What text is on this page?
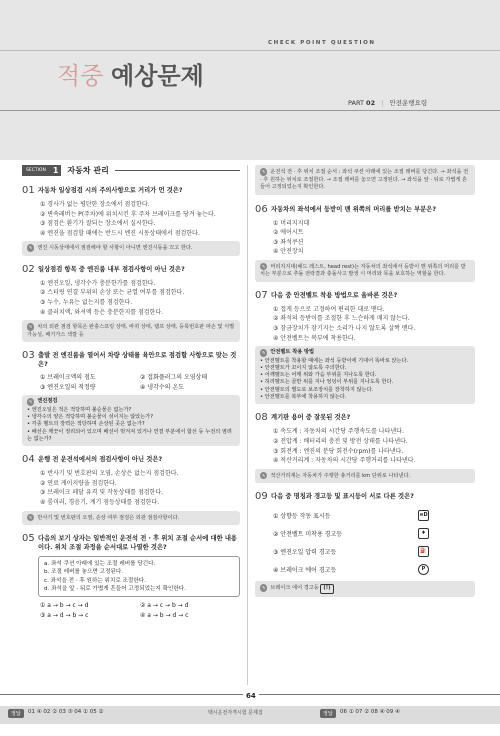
CHECK POINT QUESTION
적중 예상문제
PART 02 | 안전운행요령
SECTION 1	자동차 관리
01 자동차 일상점검 시의 주의사항으로 거리가 먼 것은?
① 경사가 없는 평탄한 장소에서 점검한다.
② 변속레버는 P(주차)에 위치시킨 후 주차 브레이크를 당겨 놓는다.
③ 점검은 환기가 잘되는 장소에서 실시한다.
④ 엔진을 점검할 때에는 반드시 엔진 시동상태에서 점검한다.
✎ 엔진 시동상태에서 점검해야 할 사항이 아니면 엔진시동을 끄고 한다.
02 일상점검 항목 중 엔진룸 내부 점검사항이 아닌 것은?
① 엔진오일, 냉각수가 충분한가를 점검한다.
② 스티링 연결 부위의 손상 또는 균열 여부를 점검한다.
③ 누수, 누유는 없는지를 점검한다.
④ 클러치액, 와셔액 등은 충분한지를 점검한다.
✎ 차의 외관 점검 항목은 완충스프링 상태, 바퀴 상태, 램프 상태, 등록번호판 파손 및 식별 가능성, 배기가스 색깔 등
03 출발 전 엔진룸을 열어서 차량 상태를 육안으로 점검할 사항으로 맞는 것은?
① 브레이크액의 점도	② 접화플러그의 오염상태
③ 엔진오일의 적정량	④ 냉각수의 온도
✎ 엔진점검
• 엔진오일은 적은 적당하며 불순물은 없는가?
• 냉각수의 양은 적당하며 불순물이 섞이지는 않았는가?
• 각종 벨트의 장력은 적당하며 손상된 곳은 없는가?
• 배선은 깨끗이 정리되어 있으며 배선이 벗겨져 있거나 연결 부분에서 합선 등 누전의 염려는 없는가?
04 운행 전 운전석에서의 점검사항이 아닌 것은?
① 반사기 및 번호판의 오염, 손상은 없는지 점검한다.
② 연료 게이지량을 점검한다.
③ 브레이크 페달 유격 및 작동상태를 점검한다.
④ 룸미러, 경음기, 계기 점등상태를 점검한다.
✎ 반사기 및 번호판의 오염, 손상 여부 점검은 외관 점검사항이다.
05 다음의 보기 상자는 일반적인 운전석 전 · 후 위치 조절 순서에 대한 내용이다. 위치 조절 과정을 순서대로 나열한 것은?
a. 좌석 쿠션 아래에 있는 조절 레버를 당긴다.
b. 조절 레버를 놓으면 고정된다.
c. 좌석을 전 · 후 원하는 위치로 조절한다.
d. 좌석을 앞 · 뒤로 가볍게 흔들어 고정되었는지 확인한다.
① a → b → c → d	② a → c → b → d
③ a → d → b → c	④ a → b → d → c
✎ 운전석 전 · 후 위치 조절 순서 : 좌석 쿠션 아래에 있는 조절 레버를 당긴다. → 좌석을 전 · 후 원하는 위치로 조절한다. → 조절 레버를 놓으면 고정된다. → 좌석을 앞 · 뒤로 가볍게 흔들어 고정되었는지 확인한다.
06 자동차의 좌석에서 등받이 맨 위쪽의 머리를 받치는 부분은?
① 머리지지대
② 에어시트
③ 좌석쿠션
④ 안전장치
✎ 머리지지대(헤드 레스트, head rest)는 자동차의 좌석에서 등받이 맨 위쪽의 머리를 받치는 부분으로 추돌 전락결과 충돌사고 발생 시 머리와 목을 보호하는 역할을 한다.
07 다음 중 안전벨트 착용 방법으로 올바른 것은?
① 접게 등으로 고정하여 편리한 대로 맨다.
② 좌석의 등받이를 조절한 후 느슨하게 매지 않는다.
③ 잠금장치가 잠기지는 소리가 나지 않도록 살짝 맨다.
④ 안전벨트는 복부에 착용한다.
✎ 안전벨트 착용 방법
• 안전벨트를 착용할 때에는 좌석 등받이에 기대어 똑바로 앉는다.
• 안전벨트가 꼬이지 않도록 주의한다.
• 어깨벨트는 어깨 위와 가슴 부위를 지나도록 한다.
• 허리벨트는 골반 위를 지나 엉덩이 부위를 지나도록 한다.
• 안전벨트의 별도로 보조장치를 장착하지 않는다.
• 안전벨트를 복부에 착용하지 않는다.
08 계기판 용어 중 잘못된 것은?
① 속도계 : 자동차의 시간당 주행속도를 나타낸다.
② 전압계 : 배터리의 충전 및 방전 상태를 나타낸다.
③ 회전계 : 엔진의 분당 회전수(rpm)를 나타낸다.
④ 적산거리계 : 자동차의 시간당 주행거리를 나타낸다.
✎ 적산거리계는 자동차가 주행한 총거리를 km 단위로 나타낸다.
09 다음 중 명칭과 경고등 및 표시등이 서로 다른 것은?
① 상향등 작동 표시등	≡D
② 안전벨트 미착용 경고등	♦
③ 엔진오일 압력 경고등	⛽
④ 브레이크 에어 경고등	P
✎ 브레이크 에어 경고등 (!)
64
정답	01 ④ 02 ② 03 ③ 04 ① 05 ②	택시운전자격시험 문제집	정답	06 ① 07 ② 08 ④ 09 ④
